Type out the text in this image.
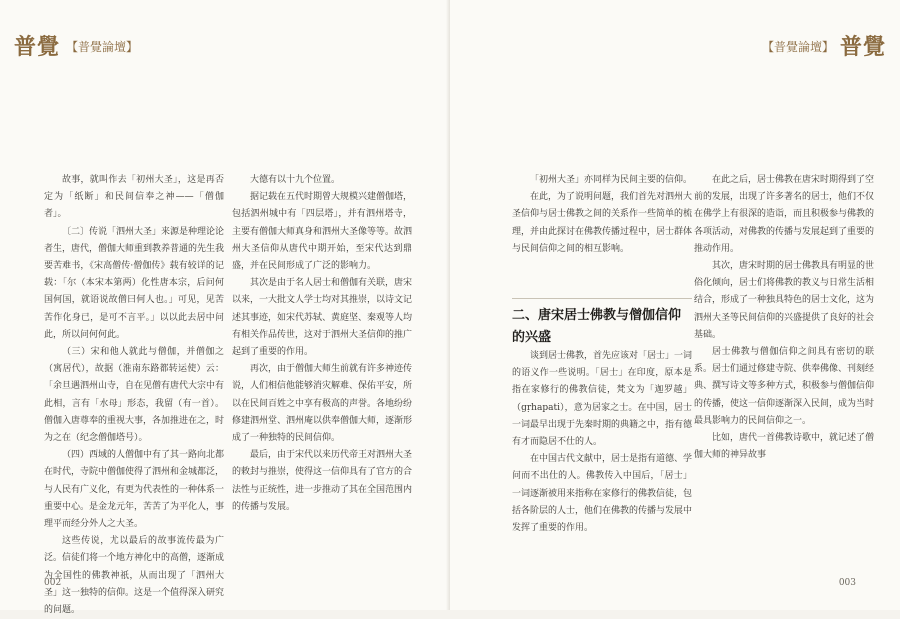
普覺 【普覺論壇】

故事，就叫作去「初州大圣」，这是再否定为「纸断」和民间信奉之神——「僧伽者」。

〔二〕传说「泗州大圣」来源是种理论论者生，唐代，僧伽大师重到教养普通的先生我要苦难书，《宋高僧传·僧伽传》载有较详的记载：「尔（本宋本第两）化性唐本宗，后问何国何国，就语说故僧曰何人也。」可见，见苦苦作化身已，是可不言平。」以以此去居中问此，所以问何何此。

（三）宋和他人就此与僧伽，并僧伽之（寓居代），故据（淮南东路都转运使）云：「余旦遇泗州山寺，自在见僧有唐代大宗中有此相，言有「水母」形态，我留（有一首）。僧伽入唐尊奉的重视大事，各加推进在之，时为之在（纪念僧伽塔号）。

（四）西域的人僧伽中有了其一路向北都在时代，寺院中僧伽使得了泗州和金城都泛，与人民有广义化，有更为代表性的一种体系一重要中心。是金龙元年，苦苦了为平化人，事理平而经分外人之大圣。

这些传说，尤以最后的故事流传最为广泛。信徒们将一个地方神化中的高僧，逐渐成为全国性的佛教神祇，从而出现了「泗州大圣」这一独特的信仰。这是一个值得深入研究的问题。

大德有以十九个位置。

据记载在五代时期曾大规模兴建僧伽塔，包括泗州城中有「四层塔」，并有泗州塔寺，主要有僧伽大师真身和泗州大圣像等等。故泗州大圣信仰从唐代中期开始，至宋代达到鼎盛，并在民间形成了广泛的影响力。

其次是由于名人居士和僧伽有关联，唐宋以来，一大批文人学士均对其推崇，以诗文记述其事迹，如宋代苏轼、黄庭坚、秦观等人均有相关作品传世，这对于泗州大圣信仰的推广起到了重要的作用。

再次，由于僧伽大师生前就有许多神迹传说，人们相信他能够消灾解难、保佑平安，所以在民间百姓之中享有极高的声誉。各地纷纷修建泗州堂、泗州庵以供奉僧伽大师，逐渐形成了一种独特的民间信仰。

最后，由于宋代以来历代帝王对泗州大圣的敕封与推崇，使得这一信仰具有了官方的合法性与正统性，进一步推动了其在全国范围内的传播与发展。

002
普覺
【普覺論壇】
003

「初州大圣」亦同样为民间主要的信仰。

在此，为了说明问题，我们首先对泗州大圣信仰与居士佛教之间的关系作一些简单的梳理，并由此探讨在佛教传播过程中，居士群体与民间信仰之间的相互影响。

二、唐宋居士佛教与僧伽信仰的兴盛

谈到居士佛教，首先应该对「居士」一词的语义作一些说明。「居士」在印度，原本是指在家修行的佛教信徒，梵文为「迦罗越」（gṛhapati），意为居家之士。在中国，居士一词最早出现于先秦时期的典籍之中，指有德有才而隐居不仕的人。

在中国古代文献中，居士是指有道德、学问而不出仕的人。佛教传入中国后，「居士」一词逐渐被用来指称在家修行的佛教信徒，包括各阶层的人士，他们在佛教的传播与发展中发挥了重要的作用。

在此之后，居士佛教在唐宋时期得到了空前的发展，出现了许多著名的居士，他们不仅在佛学上有很深的造诣，而且积极参与佛教的各项活动，对佛教的传播与发展起到了重要的推动作用。

其次，唐宋时期的居士佛教具有明显的世俗化倾向，居士们将佛教的教义与日常生活相结合，形成了一种独具特色的居士文化，这为泗州大圣等民间信仰的兴盛提供了良好的社会基础。

居士佛教与僧伽信仰之间具有密切的联系。居士们通过修建寺院、供奉佛像、刊刻经典、撰写诗文等多种方式，积极参与僧伽信仰的传播，使这一信仰逐渐深入民间，成为当时最具影响力的民间信仰之一。

比如，唐代一首佛教诗歌中，就记述了僧伽大师的神异故事
